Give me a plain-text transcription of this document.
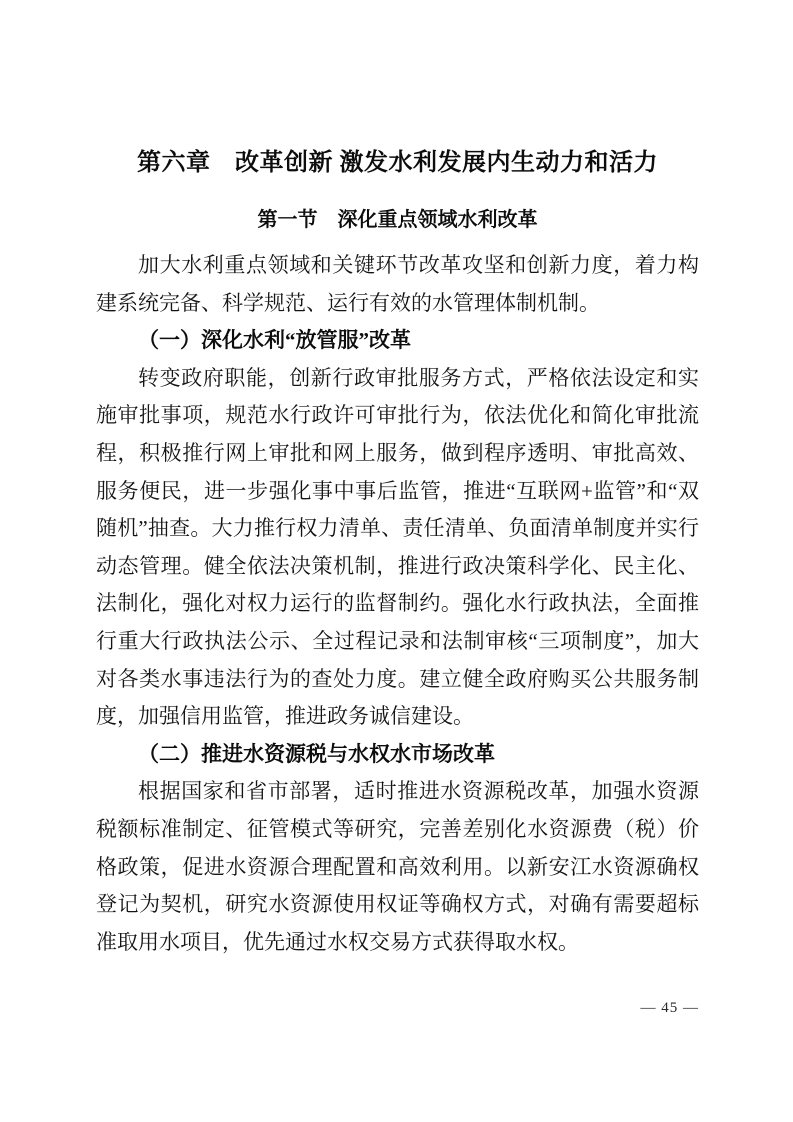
第六章　改革创新 激发水利发展内生动力和活力
第一节　深化重点领域水利改革

加大水利重点领域和关键环节改革攻坚和创新力度，着力构建系统完备、科学规范、运行有效的水管理体制机制。

（一）深化水利“放管服”改革

转变政府职能，创新行政审批服务方式，严格依法设定和实施审批事项，规范水行政许可审批行为，依法优化和简化审批流程，积极推行网上审批和网上服务，做到程序透明、审批高效、服务便民，进一步强化事中事后监管，推进“互联网+监管”和“双随机”抽查。大力推行权力清单、责任清单、负面清单制度并实行动态管理。健全依法决策机制，推进行政决策科学化、民主化、法制化，强化对权力运行的监督制约。强化水行政执法，全面推行重大行政执法公示、全过程记录和法制审核“三项制度”，加大对各类水事违法行为的查处力度。建立健全政府购买公共服务制度，加强信用监管，推进政务诚信建设。

（二）推进水资源税与水权水市场改革

根据国家和省市部署，适时推进水资源税改革，加强水资源税额标准制定、征管模式等研究，完善差别化水资源费（税）价格政策，促进水资源合理配置和高效利用。以新安江水资源确权登记为契机，研究水资源使用权证等确权方式，对确有需要超标准取用水项目，优先通过水权交易方式获得取水权。

— 45 —
